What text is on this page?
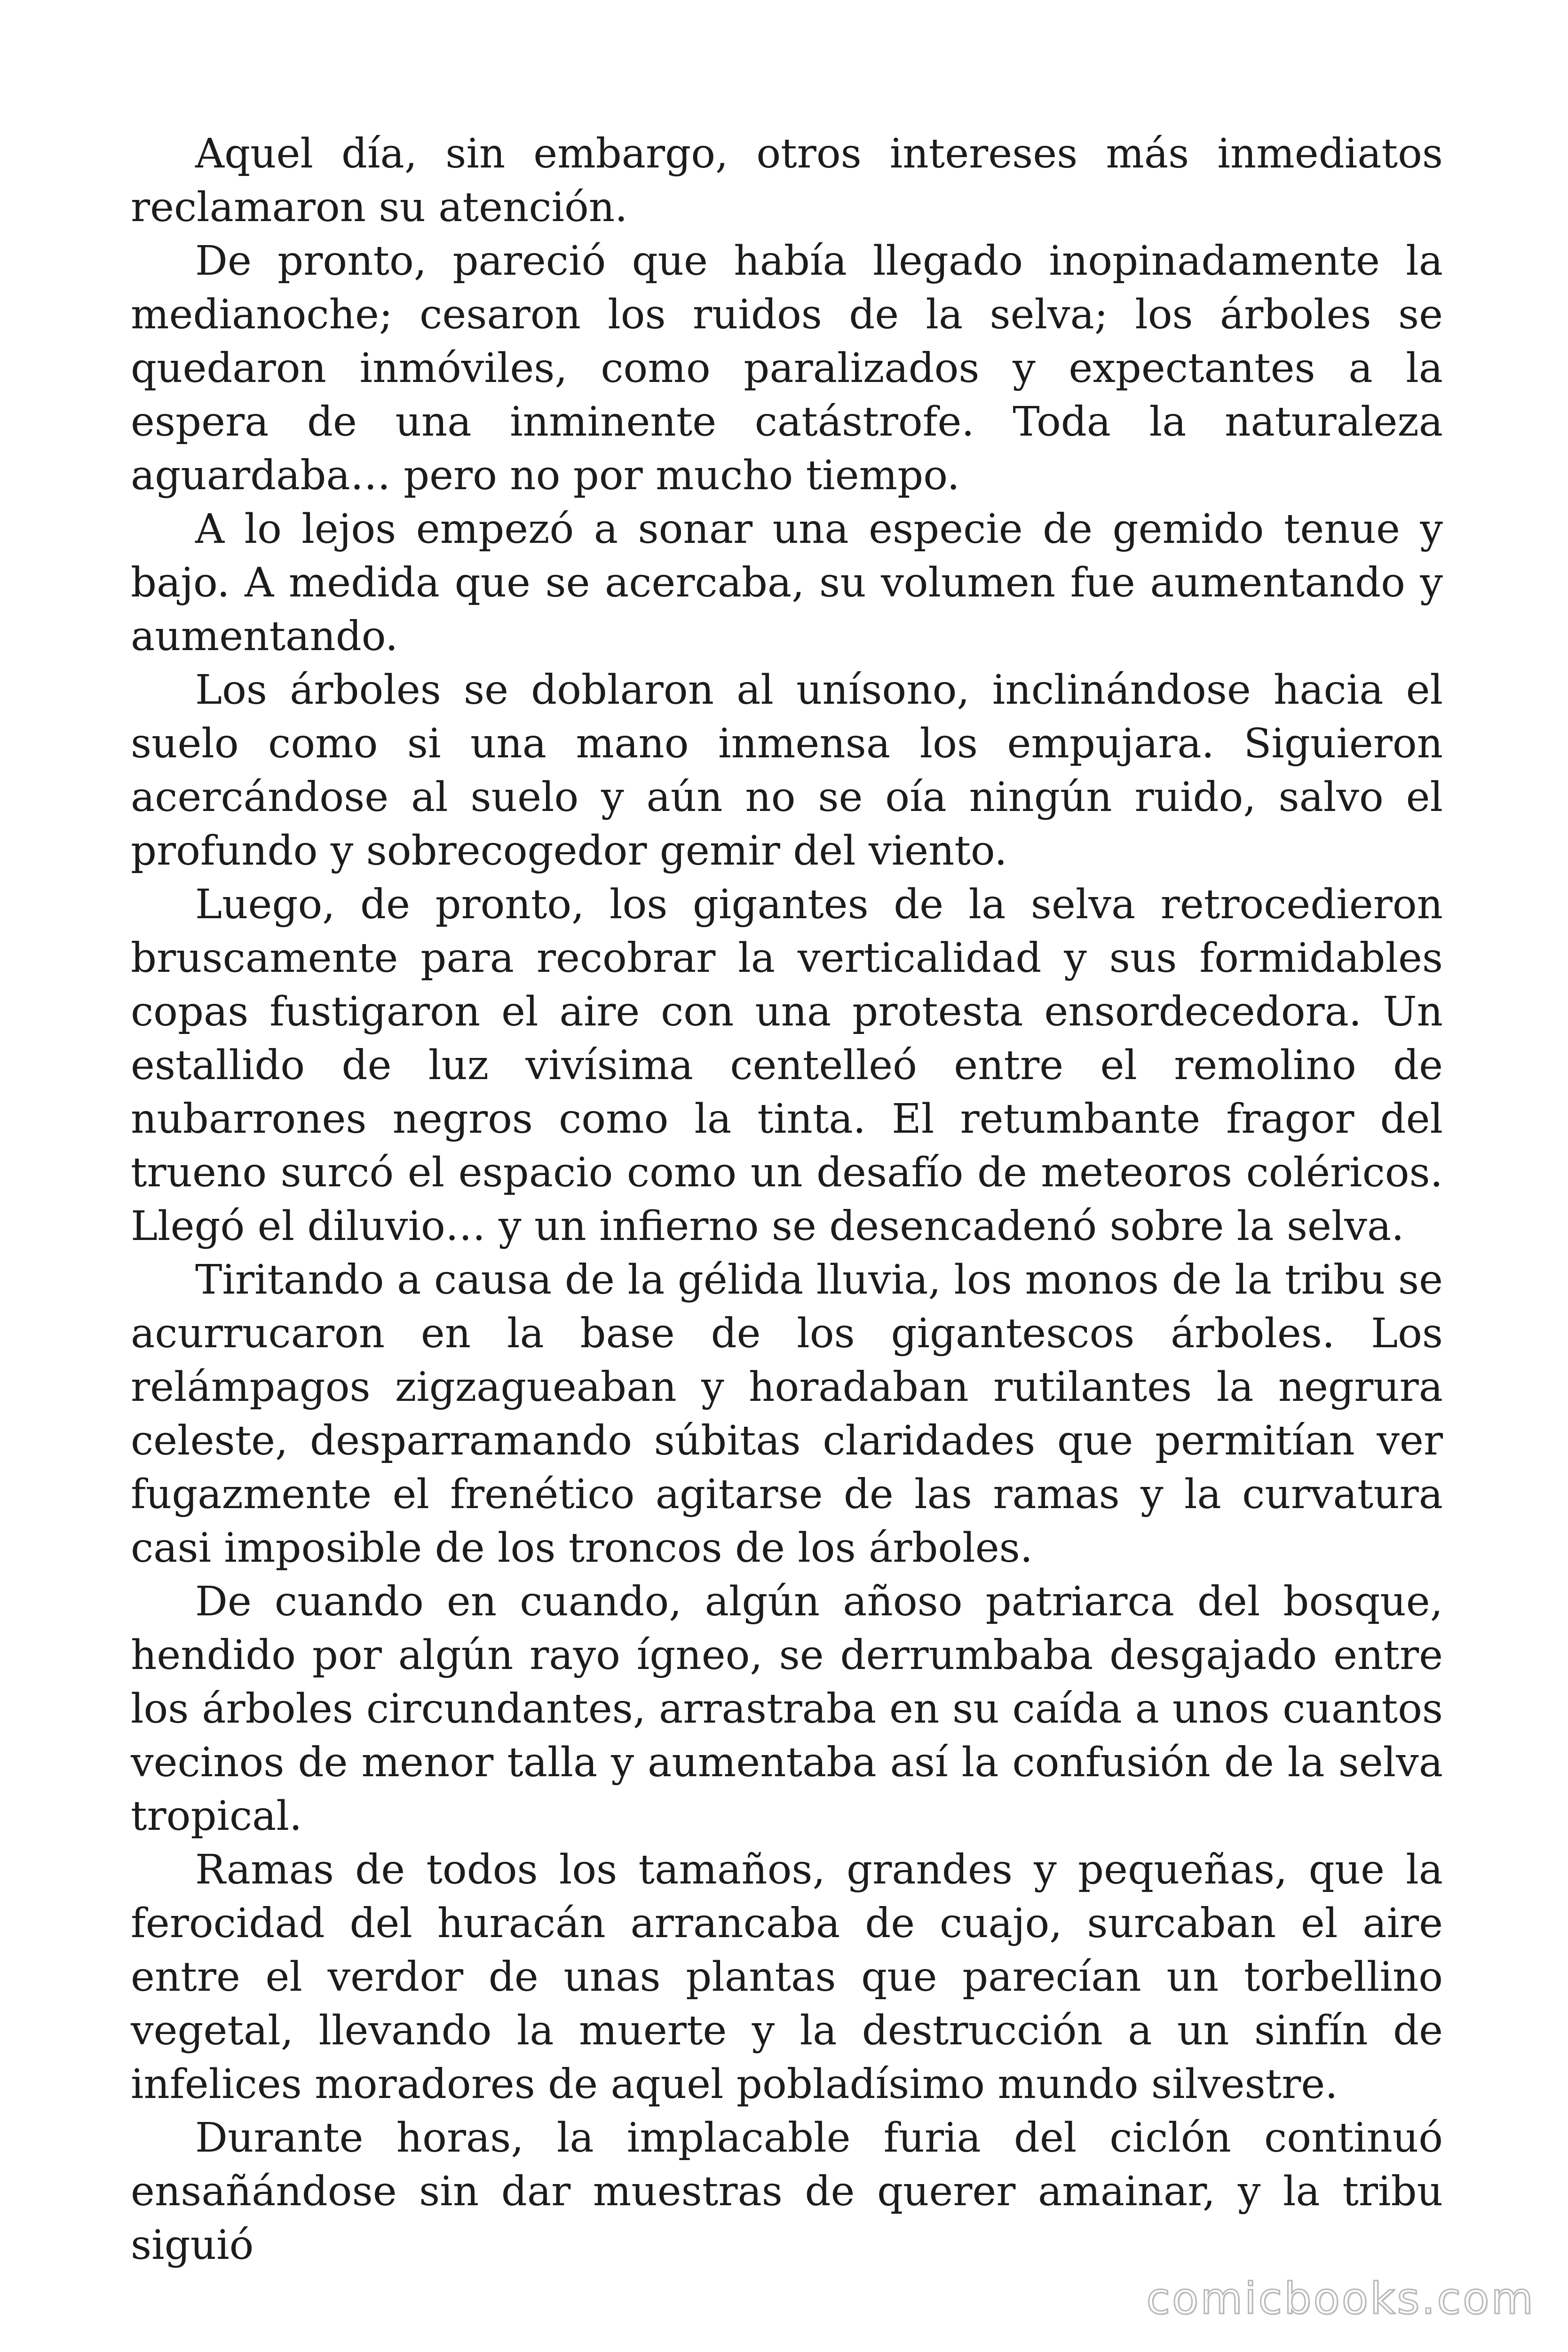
Aquel día, sin embargo, otros intereses más inmediatos reclamaron su atención.

De pronto, pareció que había llegado inopinadamente la medianoche; cesaron los ruidos de la selva; los árboles se quedaron inmóviles, como paralizados y expectantes a la espera de una inminente catástrofe. Toda la naturaleza aguardaba… pero no por mucho tiempo.

A lo lejos empezó a sonar una especie de gemido tenue y bajo. A medida que se acercaba, su volumen fue aumentando y aumentando.

Los árboles se doblaron al unísono, inclinándose hacia el suelo como si una mano inmensa los empujara. Siguieron acercándose al suelo y aún no se oía ningún ruido, salvo el profundo y sobrecogedor gemir del viento.

Luego, de pronto, los gigantes de la selva retrocedieron bruscamente para recobrar la verticalidad y sus formidables copas fustigaron el aire con una protesta ensordecedora. Un estallido de luz vivísima centelleó entre el remolino de nubarrones negros como la tinta. El retumbante fragor del trueno surcó el espacio como un desafío de meteoros coléricos. Llegó el diluvio… y un infierno se desencadenó sobre la selva.

Tiritando a causa de la gélida lluvia, los monos de la tribu se acurrucaron en la base de los gigantescos árboles. Los relámpagos zigzagueaban y horadaban rutilantes la negrura celeste, desparramando súbitas claridades que permitían ver fugazmente el frenético agitarse de las ramas y la curvatura casi imposible de los troncos de los árboles.

De cuando en cuando, algún añoso patriarca del bosque, hendido por algún rayo ígneo, se derrumbaba desgajado entre los árboles circundantes, arrastraba en su caída a unos cuantos vecinos de menor talla y aumentaba así la confusión de la selva tropical.

Ramas de todos los tamaños, grandes y pequeñas, que la ferocidad del huracán arrancaba de cuajo, surcaban el aire entre el verdor de unas plantas que parecían un torbellino vegetal, llevando la muerte y la destrucción a un sinfín de infelices moradores de aquel pobladísimo mundo silvestre.

Durante horas, la implacable furia del ciclón continuó ensañándose sin dar muestras de querer amainar, y la tribu siguió

comicbooks.com
